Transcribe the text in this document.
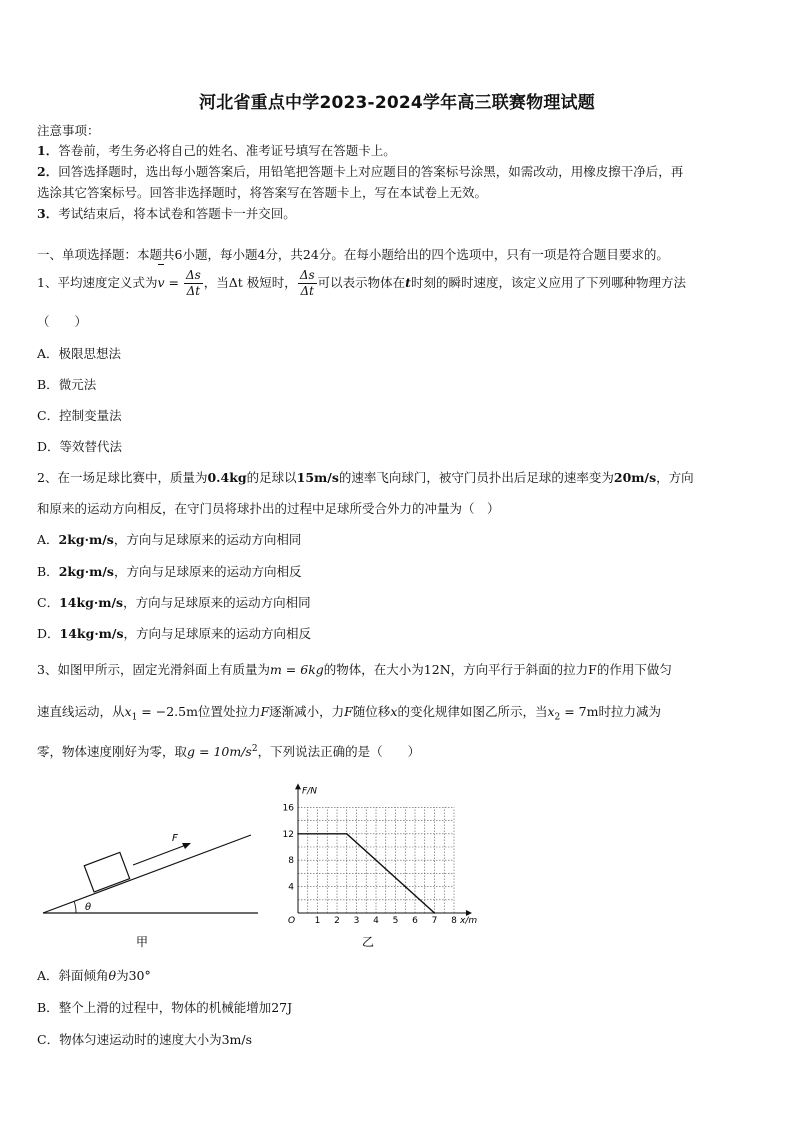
河北省重点中学2023-2024学年高三联赛物理试题
注意事项：
1．答卷前，考生务必将自己的姓名、准考证号填写在答题卡上。
2．回答选择题时，选出每小题答案后，用铅笔把答题卡上对应题目的答案标号涂黑，如需改动，用橡皮擦干净后，再
选涂其它答案标号。回答非选择题时，将答案写在答题卡上，写在本试卷上无效。
3．考试结束后，将本试卷和答题卡一并交回。
一、单项选择题：本题共6小题，每小题4分，共24分。在每小题给出的四个选项中，只有一项是符合题目要求的。
1、平均速度定义式为$v = \frac{\Delta s}{\Delta t}$ ，当Δt 极短时， $\frac{\Delta s}{\Delta t}$ 可以表示物体在t时刻的瞬时速度，该定义应用了下列哪种物理方法
（　　）
A．极限思想法
B．微元法
C．控制变量法
D．等效替代法
2、在一场足球比赛中，质量为0.4kg的足球以15m/s的速率飞向球门，被守门员扑出后足球的速率变为20m/s，方向
和原来的运动方向相反，在守门员将球扑出的过程中足球所受合外力的冲量为（　）
A．2kg·m/s，方向与足球原来的运动方向相同
B．2kg·m/s，方向与足球原来的运动方向相反
C．14kg·m/s，方向与足球原来的运动方向相同
D．14kg·m/s，方向与足球原来的运动方向相反
3、如图甲所示，固定光滑斜面上有质量为m = 6kg的物体，在大小为12N，方向平行于斜面的拉力F的作用下做匀
速直线运动，从$x_1 = -2.5m$位置处拉力F逐渐减小，力F随位移x的变化规律如图乙所示，当$x_2 = 7m$时拉力减为
零，物体速度刚好为零，取$g = 10m/s^2$，下列说法正确的是（　　）
F
θ
甲
F/N
x/m
O 1 2 3 4 5 6 7 8
4
8
12
16
乙
A．斜面倾角θ为30°
B．整个上滑的过程中，物体的机械能增加27J
C．物体匀速运动时的速度大小为3m/s
